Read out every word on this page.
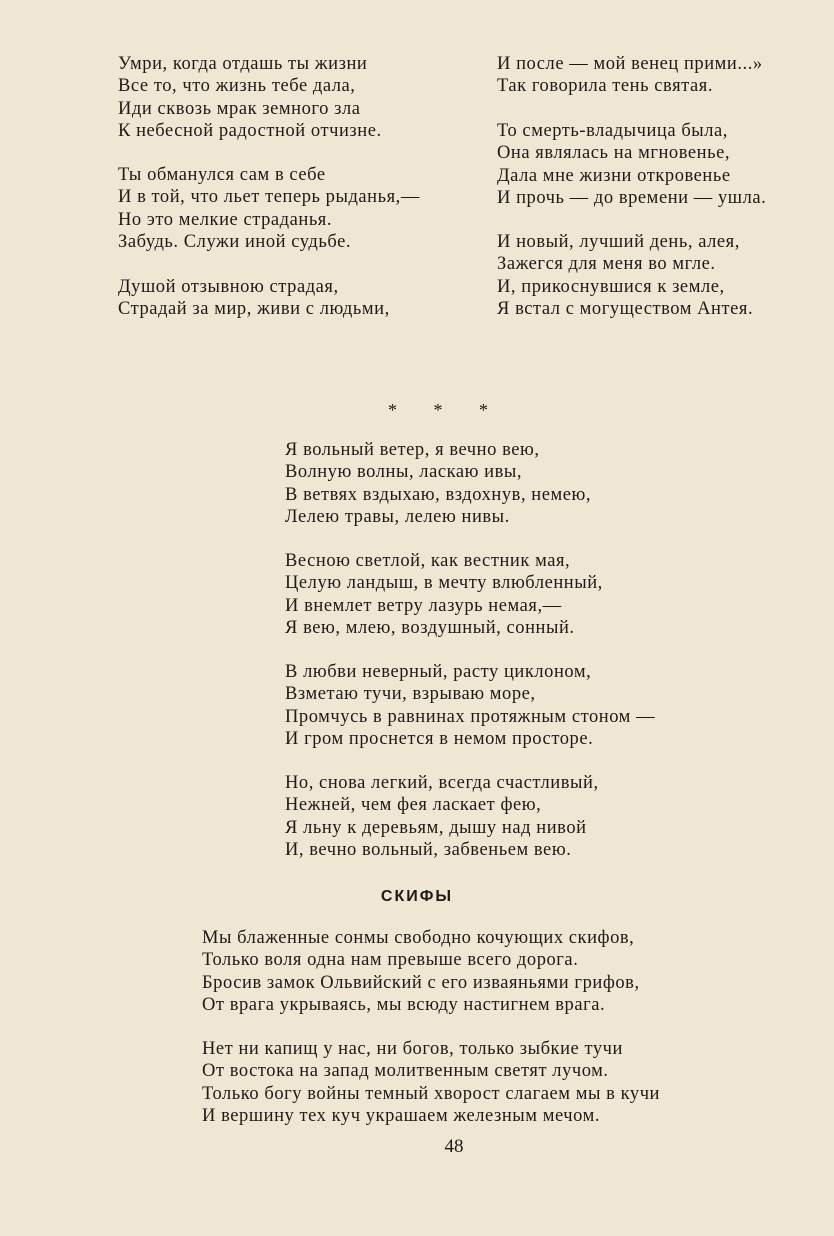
Умри, когда отдашь ты жизни
Все то, что жизнь тебе дала,
Иди сквозь мрак земного зла
К небесной радостной отчизне.
Ты обманулся сам в себе
И в той, что льет теперь рыданья,—
Но это мелкие страданья.
Забудь. Служи иной судьбе.
Душой отзывною страдая,
Страдай за мир, живи с людьми,
И после — мой венец прими...»
Так говорила тень святая.
То смерть-владычица была,
Она являлась на мгновенье,
Дала мне жизни откровенье
И прочь — до времени — ушла.
И новый, лучший день, алея,
Зажегся для меня во мгле.
И, прикоснувшися к земле,
Я встал с могуществом Антея.
* * *
Я вольный ветер, я вечно вею,
Волную волны, ласкаю ивы,
В ветвях вздыхаю, вздохнув, немею,
Лелею травы, лелею нивы.
Весною светлой, как вестник мая,
Целую ландыш, в мечту влюбленный,
И внемлет ветру лазурь немая,—
Я вею, млею, воздушный, сонный.
В любви неверный, расту циклоном,
Взметаю тучи, взрываю море,
Промчусь в равнинах протяжным стоном —
И гром проснется в немом просторе.
Но, снова легкий, всегда счастливый,
Нежней, чем фея ласкает фею,
Я льну к деревьям, дышу над нивой
И, вечно вольный, забвеньем вею.
СКИФЫ
Мы блаженные сонмы свободно кочующих скифов,
Только воля одна нам превыше всего дорога.
Бросив замок Ольвийский с его изваяньями грифов,
От врага укрываясь, мы всюду настигнем врага.
Нет ни капищ у нас, ни богов, только зыбкие тучи
От востока на запад молитвенным светят лучом.
Только богу войны темный хворост слагаем мы в кучи
И вершину тех куч украшаем железным мечом.
48
